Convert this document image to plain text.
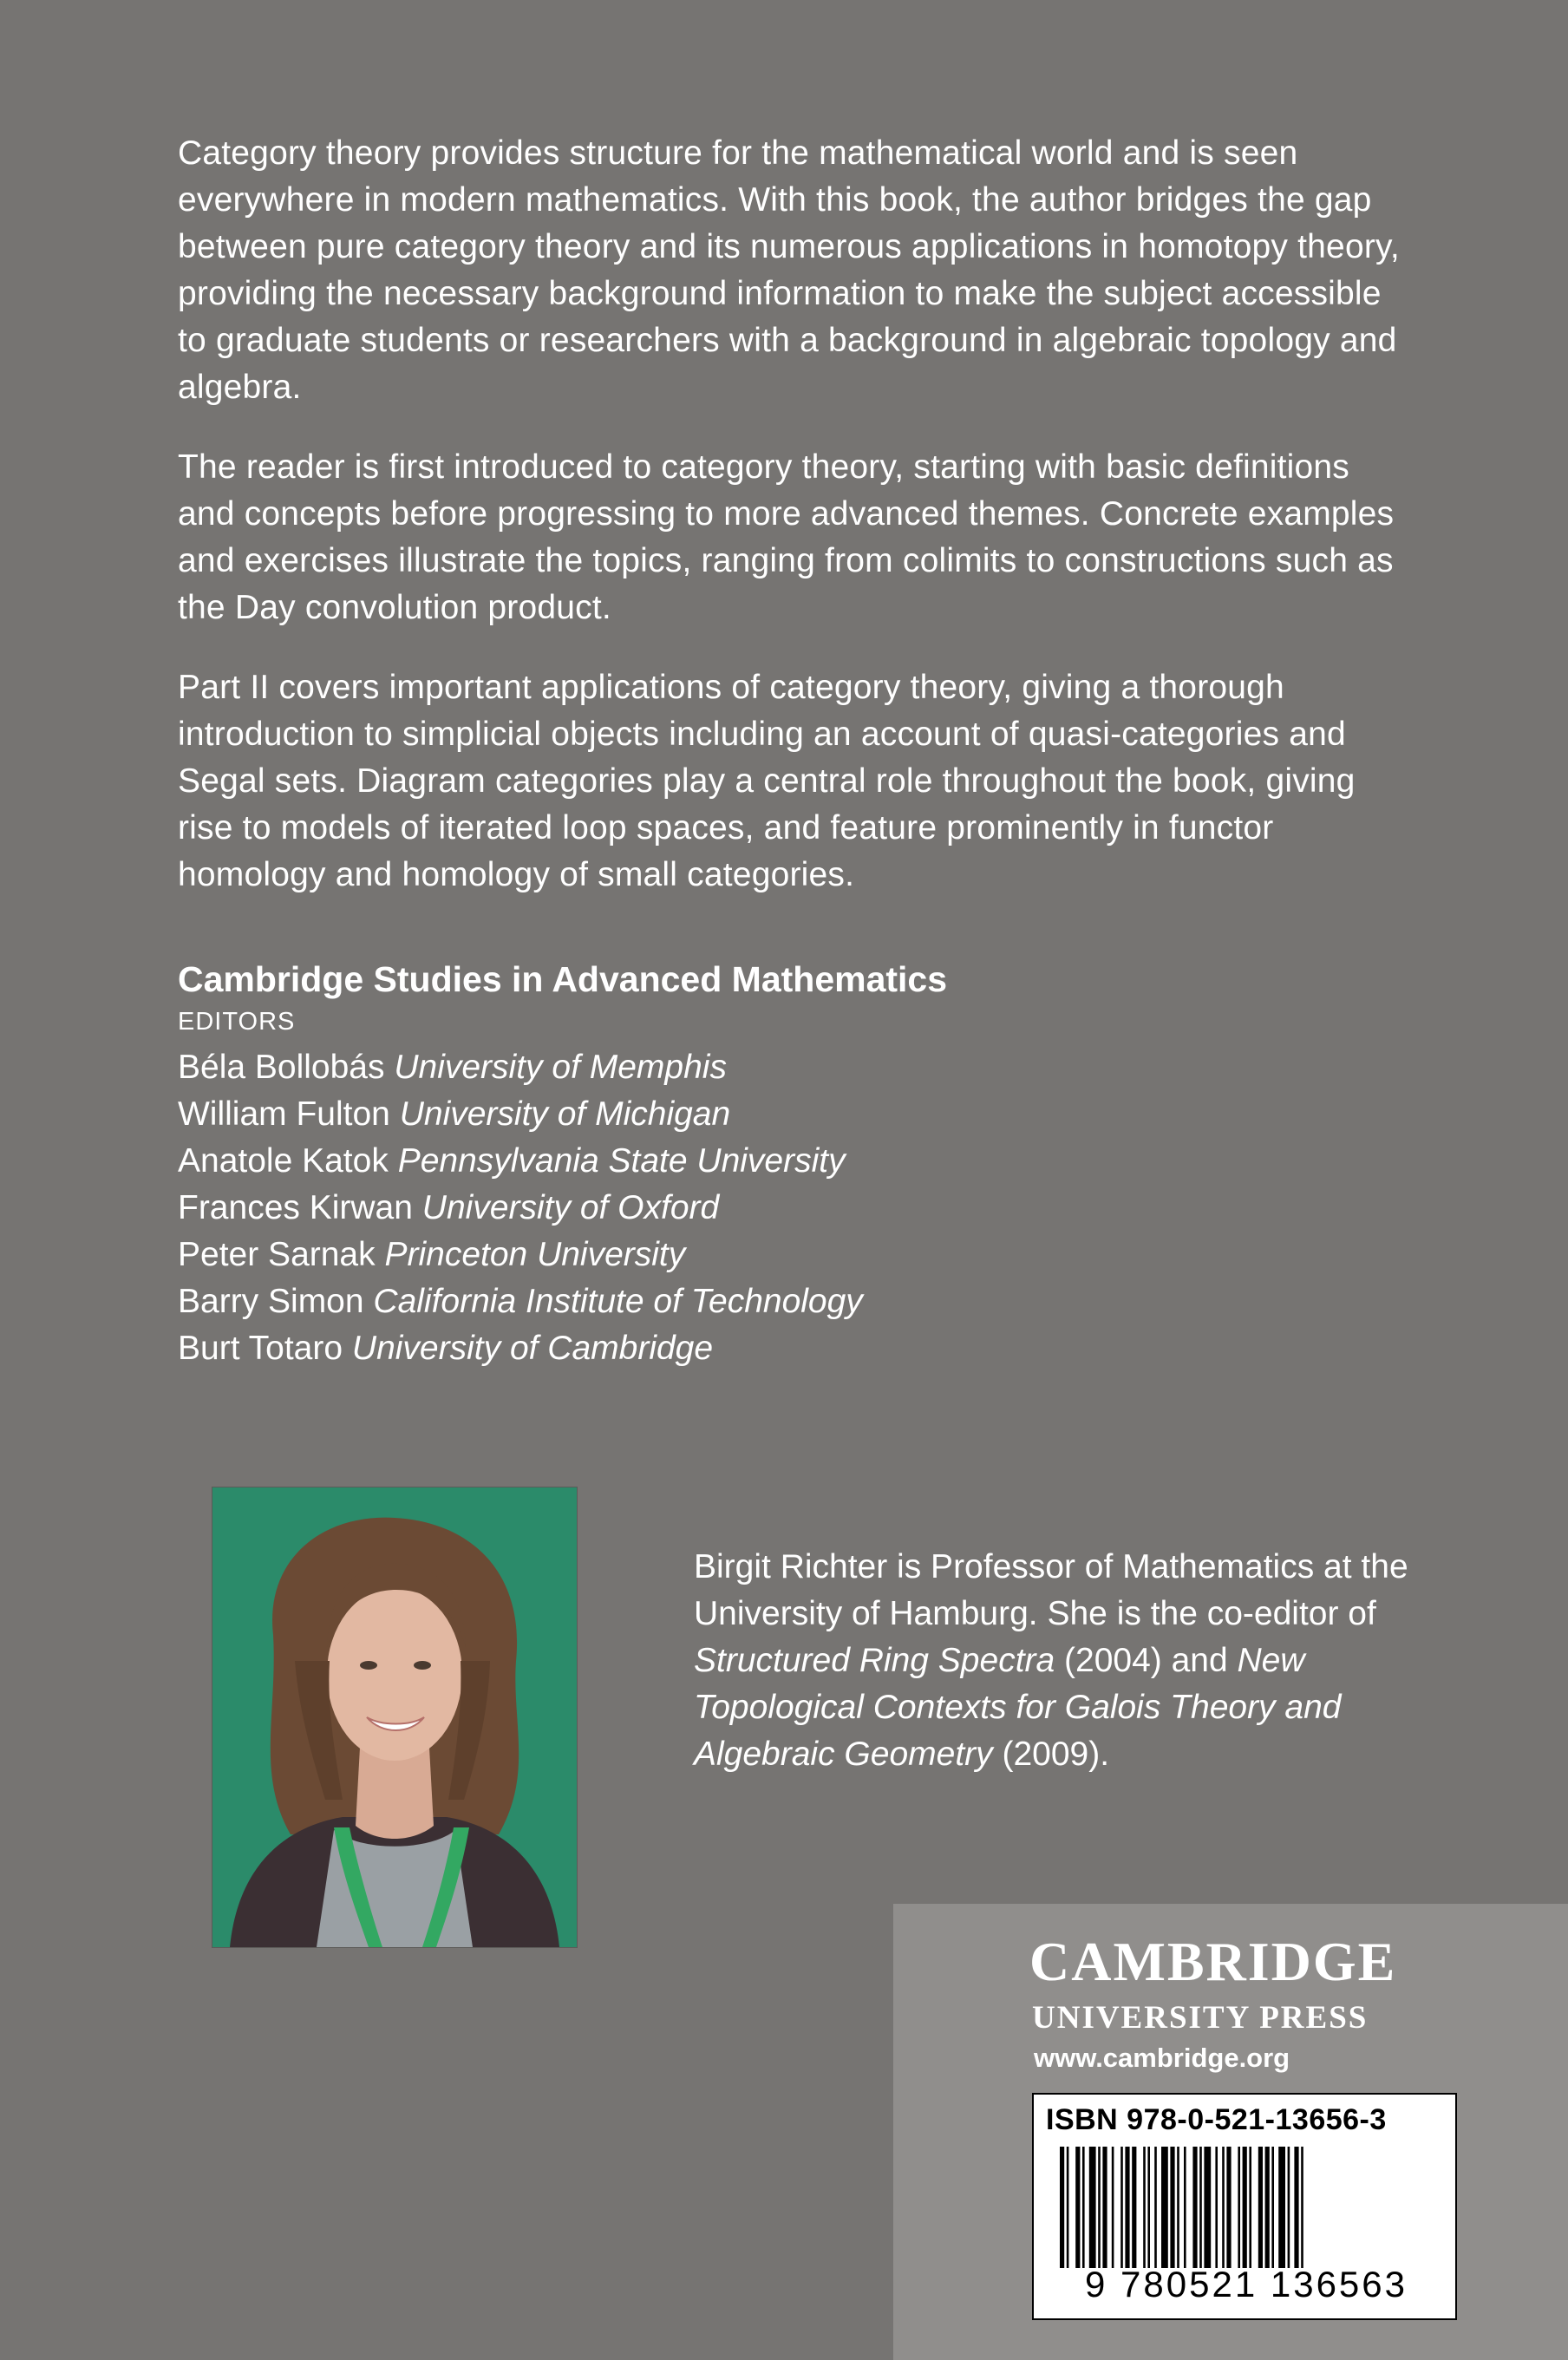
Category theory provides structure for the mathematical world and is seen everywhere in modern mathematics. With this book, the author bridges the gap between pure category theory and its numerous applications in homotopy theory, providing the necessary background information to make the subject accessible to graduate students or researchers with a background in algebraic topology and algebra.

The reader is first introduced to category theory, starting with basic definitions and concepts before progressing to more advanced themes. Concrete examples and exercises illustrate the topics, ranging from colimits to constructions such as the Day convolution product.

Part II covers important applications of category theory, giving a thorough introduction to simplicial objects including an account of quasi-categories and Segal sets. Diagram categories play a central role throughout the book, giving rise to models of iterated loop spaces, and feature prominently in functor homology and homology of small categories.

Cambridge Studies in Advanced Mathematics

EDITORS

Béla Bollobás University of Memphis

William Fulton University of Michigan

Anatole Katok Pennsylvania State University

Frances Kirwan University of Oxford

Peter Sarnak Princeton University

Barry Simon California Institute of Technology

Burt Totaro University of Cambridge

Birgit Richter is Professor of Mathematics at the University of Hamburg. She is the co-editor of Structured Ring Spectra (2004) and New Topological Contexts for Galois Theory and Algebraic Geometry (2009).
CAMBRIDGE
UNIVERSITY PRESS
www.cambridge.org
ISBN 978-0-521-13656-3
9 780521 136563
